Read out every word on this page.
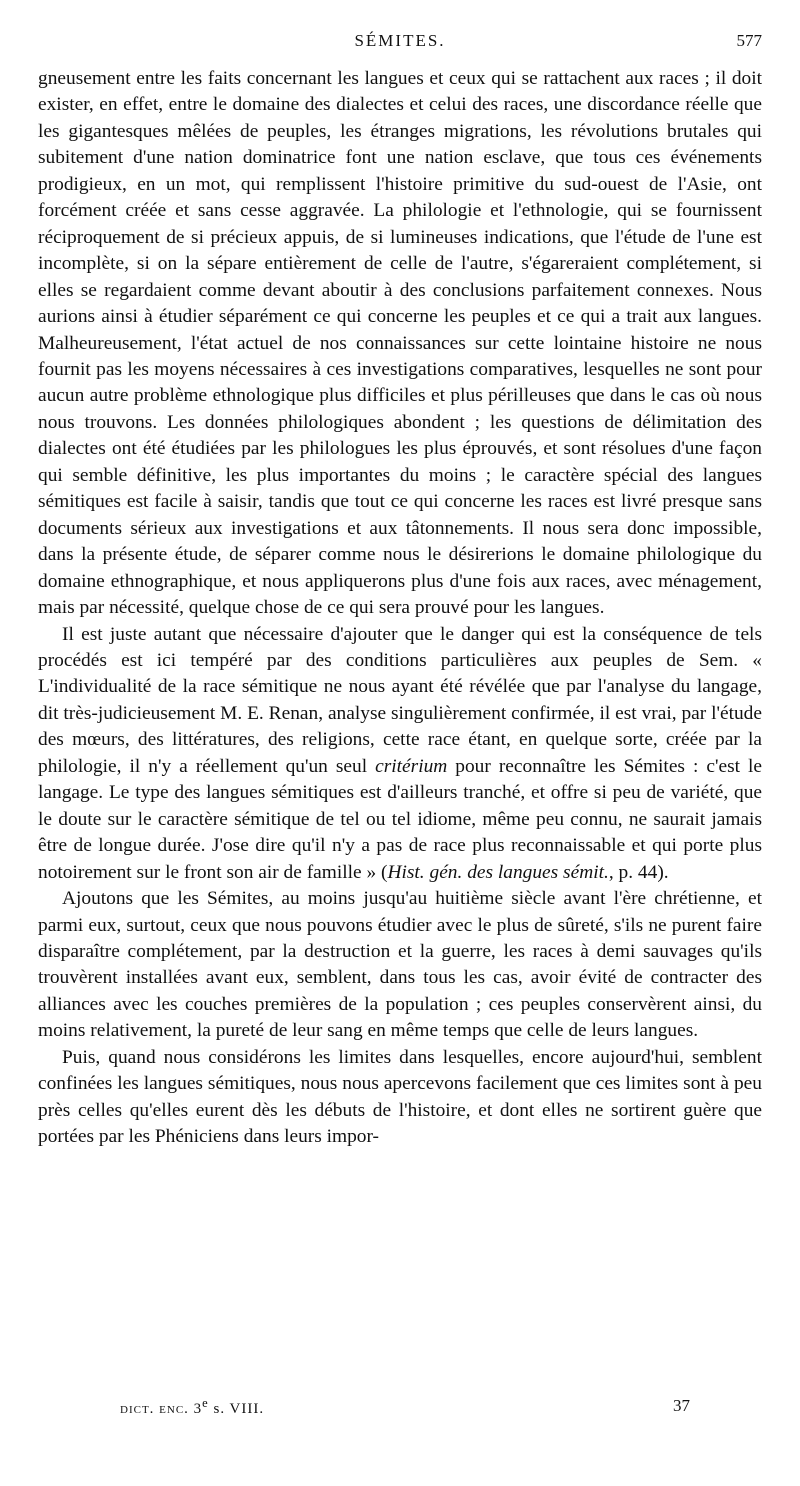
SÉMITES.	577

gneusement entre les faits concernant les langues et ceux qui se rattachent aux races ; il doit exister, en effet, entre le domaine des dialectes et celui des races, une discordance réelle que les gigantesques mêlées de peuples, les étranges migrations, les révolutions brutales qui subitement d'une nation dominatrice font une nation esclave, que tous ces événements prodigieux, en un mot, qui remplissent l'histoire primitive du sud-ouest de l'Asie, ont forcément créée et sans cesse aggravée. La philologie et l'ethnologie, qui se fournissent réciproquement de si précieux appuis, de si lumineuses indications, que l'étude de l'une est incomplète, si on la sépare entièrement de celle de l'autre, s'égareraient complétement, si elles se regardaient comme devant aboutir à des conclusions parfaitement connexes. Nous aurions ainsi à étudier séparément ce qui concerne les peuples et ce qui a trait aux langues. Malheureusement, l'état actuel de nos connaissances sur cette lointaine histoire ne nous fournit pas les moyens nécessaires à ces investigations comparatives, lesquelles ne sont pour aucun autre problème ethnologique plus difficiles et plus périlleuses que dans le cas où nous nous trouvons. Les données philologiques abondent ; les questions de délimitation des dialectes ont été étudiées par les philologues les plus éprouvés, et sont résolues d'une façon qui semble définitive, les plus importantes du moins ; le caractère spécial des langues sémitiques est facile à saisir, tandis que tout ce qui concerne les races est livré presque sans documents sérieux aux investigations et aux tâtonnements. Il nous sera donc impossible, dans la présente étude, de séparer comme nous le désirerions le domaine philologique du domaine ethnographique, et nous appliquerons plus d'une fois aux races, avec ménagement, mais par nécessité, quelque chose de ce qui sera prouvé pour les langues.

Il est juste autant que nécessaire d'ajouter que le danger qui est la conséquence de tels procédés est ici tempéré par des conditions particulières aux peuples de Sem. « L'individualité de la race sémitique ne nous ayant été révélée que par l'analyse du langage, dit très-judicieusement M. E. Renan, analyse singulièrement confirmée, il est vrai, par l'étude des mœurs, des littératures, des religions, cette race étant, en quelque sorte, créée par la philologie, il n'y a réellement qu'un seul critérium pour reconnaître les Sémites : c'est le langage. Le type des langues sémitiques est d'ailleurs tranché, et offre si peu de variété, que le doute sur le caractère sémitique de tel ou tel idiome, même peu connu, ne saurait jamais être de longue durée. J'ose dire qu'il n'y a pas de race plus reconnaissable et qui porte plus notoirement sur le front son air de famille » (Hist. gén. des langues sémit., p. 44).

Ajoutons que les Sémites, au moins jusqu'au huitième siècle avant l'ère chrétienne, et parmi eux, surtout, ceux que nous pouvons étudier avec le plus de sûreté, s'ils ne purent faire disparaître complétement, par la destruction et la guerre, les races à demi sauvages qu'ils trouvèrent installées avant eux, semblent, dans tous les cas, avoir évité de contracter des alliances avec les couches premières de la population ; ces peuples conservèrent ainsi, du moins relativement, la pureté de leur sang en même temps que celle de leurs langues.

Puis, quand nous considérons les limites dans lesquelles, encore aujourd'hui, semblent confinées les langues sémitiques, nous nous apercevons facilement que ces limites sont à peu près celles qu'elles eurent dès les débuts de l'histoire, et dont elles ne sortirent guère que portées par les Phéniciens dans leurs impor-

dict. enc. 3e s. VIII.	37
